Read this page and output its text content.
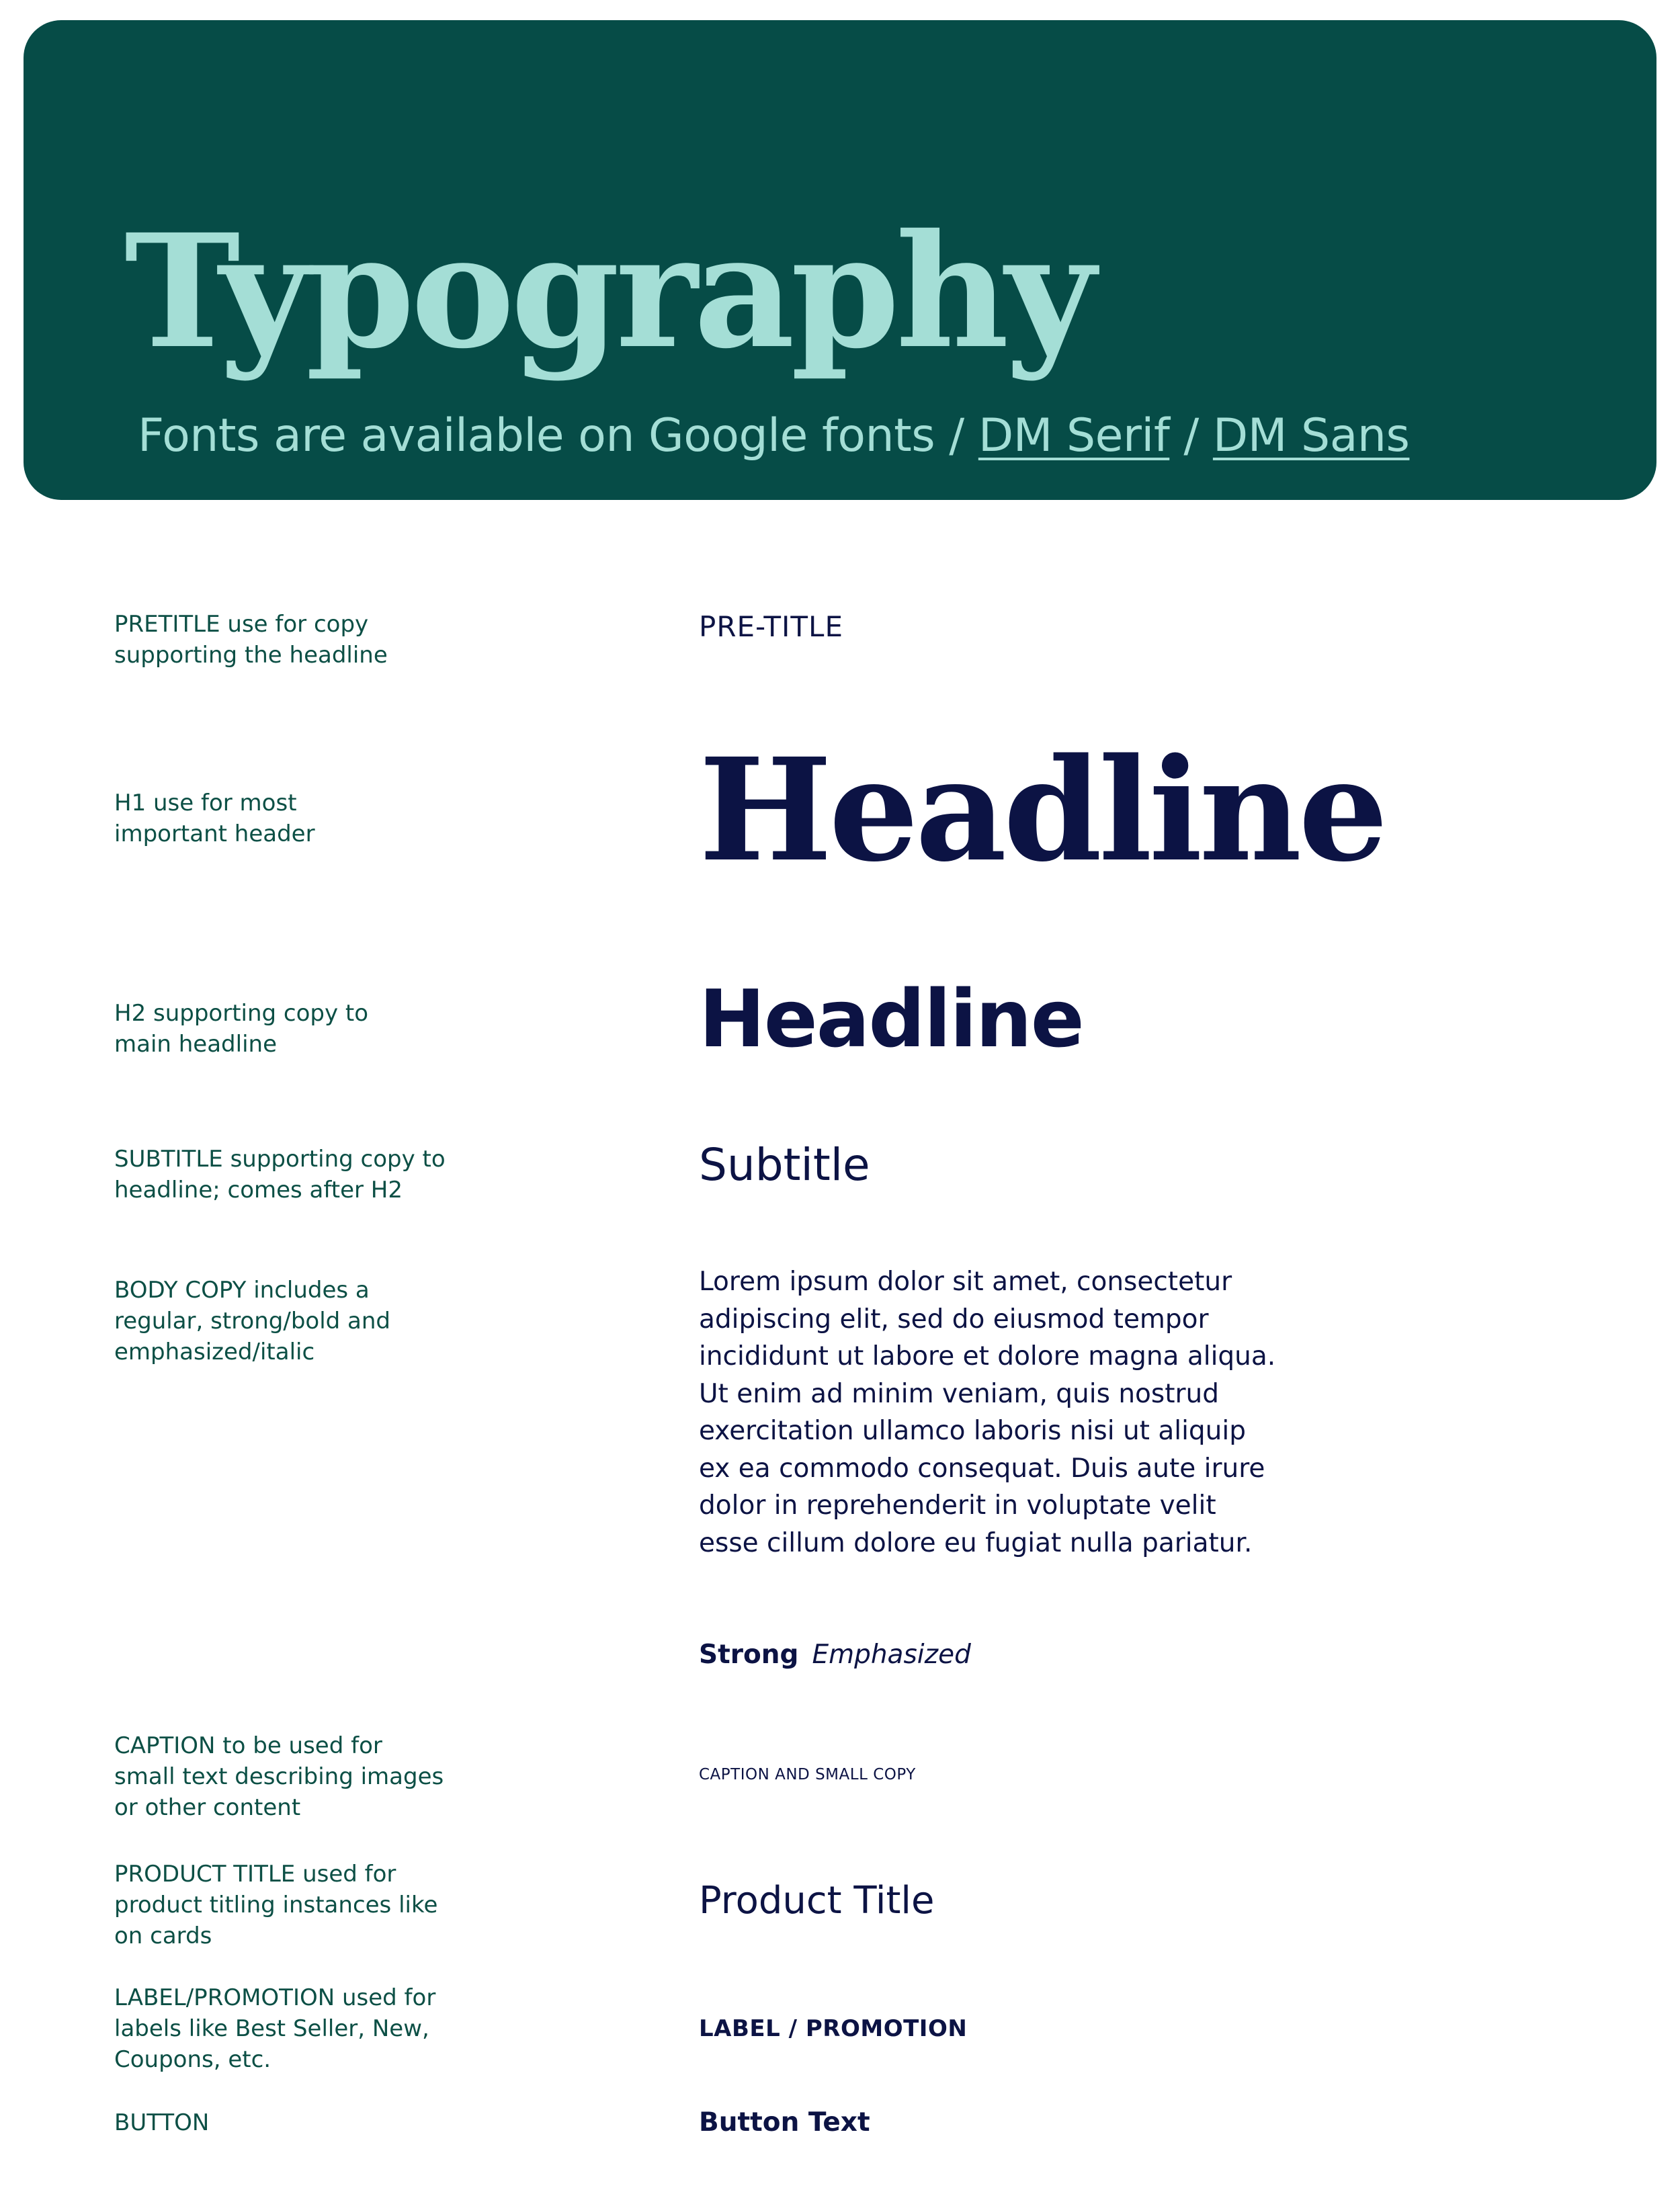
Typography
Fonts are available on Google fonts / DM Serif / DM Sans
PRETITLE use for copy
supporting the headline
H1 use for most
important header
H2 supporting copy to
main headline
SUBTITLE supporting copy to
headline; comes after H2
BODY COPY includes a
regular, strong/bold and
emphasized/italic
CAPTION to be used for
small text describing images
or other content
PRODUCT TITLE used for
product titling instances like
on cards
LABEL/PROMOTION used for
labels like Best Seller, New,
Coupons, etc.
BUTTON
PRE-TITLE
Headline
Headline
Subtitle
Lorem ipsum dolor sit amet, consectetur adipiscing elit, sed do eiusmod tempor incididunt ut labore et dolore magna aliqua. Ut enim ad minim veniam, quis nostrud exercitation ullamco laboris nisi ut aliquip ex ea commodo consequat. Duis aute irure dolor in reprehenderit in voluptate velit esse cillum dolore eu fugiat nulla pariatur.
Strong Emphasized
CAPTION AND SMALL COPY
Product Title
LABEL / PROMOTION
Button Text
